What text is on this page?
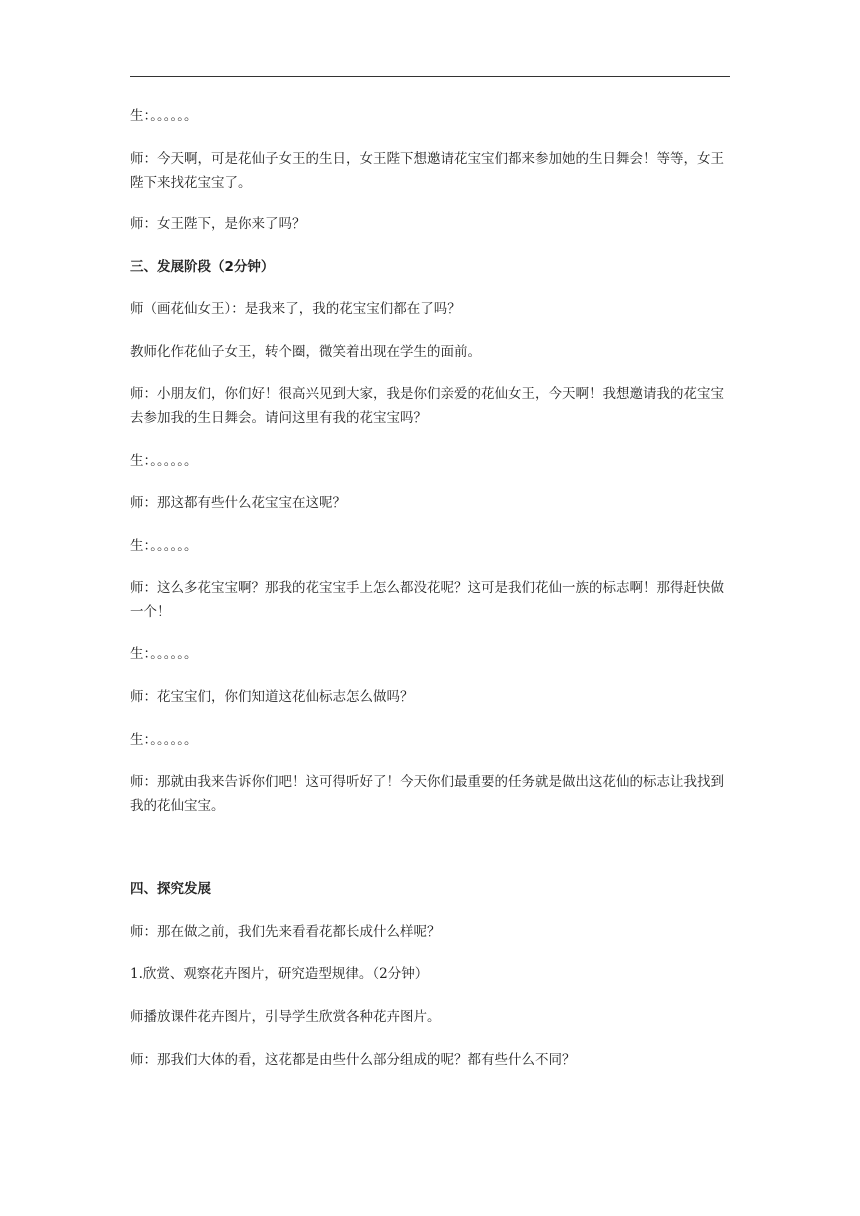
生：。。。。。。

师：今天啊，可是花仙子女王的生日，女王陛下想邀请花宝宝们都来参加她的生日舞会！等等，女王陛下来找花宝宝了。

师：女王陛下，是你来了吗？

三、发展阶段（2分钟）

师（画花仙女王）：是我来了，我的花宝宝们都在了吗？

教师化作花仙子女王，转个圈，微笑着出现在学生的面前。

师：小朋友们，你们好！很高兴见到大家，我是你们亲爱的花仙女王，今天啊！我想邀请我的花宝宝去参加我的生日舞会。请问这里有我的花宝宝吗？

生：。。。。。。

师：那这都有些什么花宝宝在这呢？

生：。。。。。。

师：这么多花宝宝啊？那我的花宝宝手上怎么都没花呢？这可是我们花仙一族的标志啊！那得赶快做一个！

生：。。。。。。

师：花宝宝们，你们知道这花仙标志怎么做吗？

生：。。。。。。

师：那就由我来告诉你们吧！这可得听好了！今天你们最重要的任务就是做出这花仙的标志让我找到我的花仙宝宝。

四、探究发展

师：那在做之前，我们先来看看花都长成什么样呢？

1.欣赏、观察花卉图片，研究造型规律。（2分钟）

师播放课件花卉图片，引导学生欣赏各种花卉图片。

师：那我们大体的看，这花都是由些什么部分组成的呢？都有些什么不同？
